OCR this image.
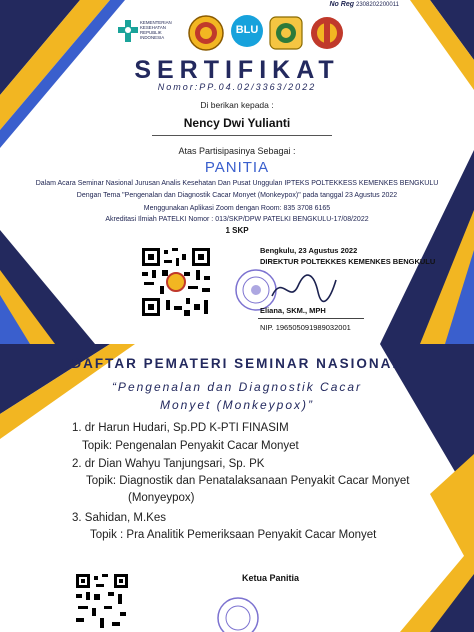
No Reg 2308202200011
KEMENTERIAN KESEHATAN REPUBLIK INDONESIA
BLU
SERTIFIKAT
Nomor:PP.04.02/3363/2022
Di berikan kepada :
Nency Dwi Yulianti
Atas Partisipasinya Sebagai :
PANITIA
Dalam Acara Seminar Nasional Jurusan Analis Kesehatan Dan Pusat Unggulan IPTEKS POLTEKKESS KEMENKES BENGKULU
Dengan Tema "Pengenalan dan Diagnostik Cacar Monyet (Monkeypox)" pada tanggal 23 Agustus 2022
Menggunakan Aplikasi Zoom dengan Room: 835 3708 6165
Akreditasi Ilmiah PATELKI Nomor : 013/SKP/DPW PATELKI BENGKULU-17/08/2022
1 SKP
Bengkulu, 23 Agustus 2022
DIREKTUR POLTEKKES KEMENKES BENGKULU
Eliana, SKM., MPH
NIP. 196505091989032001
DAFTAR PEMATERI SEMINAR NASIONAL
“Pengenalan dan Diagnostik Cacar
Monyet (Monkeypox)”
1. dr Harun Hudari, Sp.PD K-PTI FINASIM
Topik: Pengenalan Penyakit Cacar Monyet
2. dr Dian Wahyu Tanjungsari, Sp. PK
Topik: Diagnostik dan Penatalaksanaan Penyakit Cacar Monyet
(Monyeypox)
3. Sahidan, M.Kes
Topik : Pra Analitik Pemeriksaan Penyakit Cacar Monyet
Ketua Panitia
